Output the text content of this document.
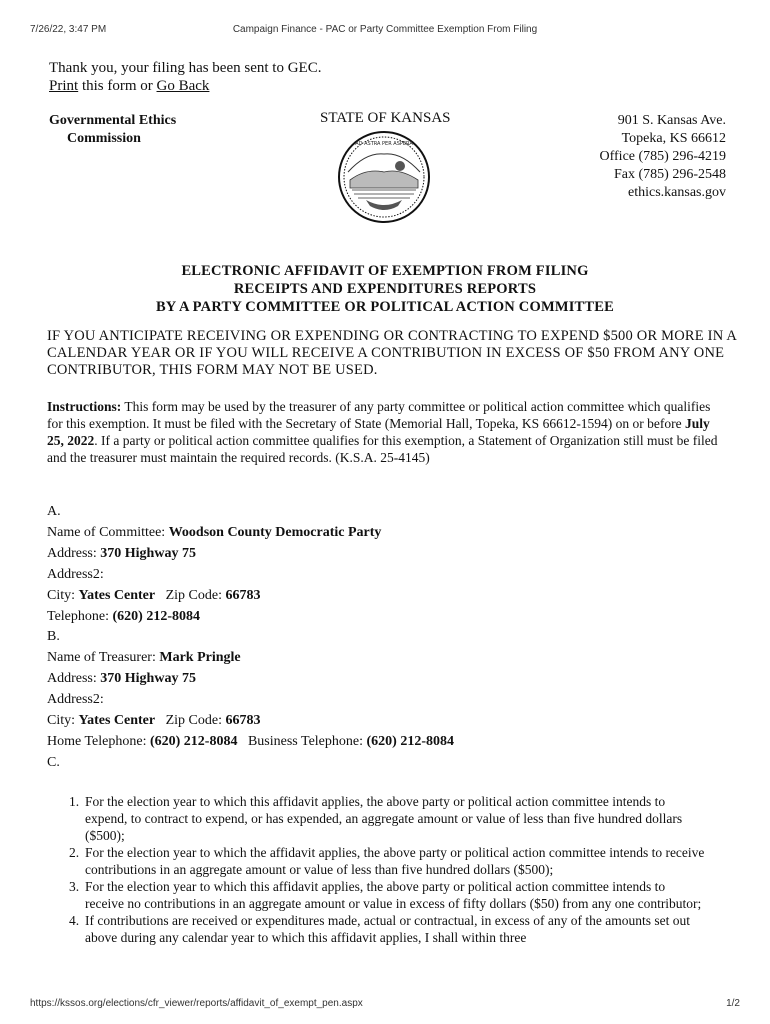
7/26/22, 3:47 PM	Campaign Finance - PAC or Party Committee Exemption From Filing
Thank you, your filing has been sent to GEC.
Print this form or Go Back
Governmental Ethics
Commission
STATE OF KANSAS
AD ASTRA PER ASPERA
901 S. Kansas Ave.
Topeka, KS 66612
Office (785) 296-4219
Fax (785) 296-2548
ethics.kansas.gov
ELECTRONIC AFFIDAVIT OF EXEMPTION FROM FILING
RECEIPTS AND EXPENDITURES REPORTS
BY A PARTY COMMITTEE OR POLITICAL ACTION COMMITTEE
IF YOU ANTICIPATE RECEIVING OR EXPENDING OR CONTRACTING TO EXPEND $500 OR MORE IN A CALENDAR YEAR OR IF YOU WILL RECEIVE A CONTRIBUTION IN EXCESS OF $50 FROM ANY ONE CONTRIBUTOR, THIS FORM MAY NOT BE USED.
Instructions: This form may be used by the treasurer of any party committee or political action committee which qualifies for this exemption. It must be filed with the Secretary of State (Memorial Hall, Topeka, KS 66612-1594) on or before July 25, 2022. If a party or political action committee qualifies for this exemption, a Statement of Organization still must be filed and the treasurer must maintain the required records. (K.S.A. 25-4145)
A.
Name of Committee: Woodson County Democratic Party
Address: 370 Highway 75
Address2:
City: Yates Center Zip Code: 66783
Telephone: (620) 212-8084
B.
Name of Treasurer: Mark Pringle
Address: 370 Highway 75
Address2:
City: Yates Center Zip Code: 66783
Home Telephone: (620) 212-8084 Business Telephone: (620) 212-8084
C.
1. For the election year to which this affidavit applies, the above party or political action committee intends to expend, to contract to expend, or has expended, an aggregate amount or value of less than five hundred dollars ($500);
2. For the election year to which the affidavit applies, the above party or political action committee intends to receive contributions in an aggregate amount or value of less than five hundred dollars ($500);
3. For the election year to which this affidavit applies, the above party or political action committee intends to receive no contributions in an aggregate amount or value in excess of fifty dollars ($50) from any one contributor;
4. If contributions are received or expenditures made, actual or contractual, in excess of any of the amounts set out above during any calendar year to which this affidavit applies, I shall within three
https://kssos.org/elections/cfr_viewer/reports/affidavit_of_exempt_pen.aspx	1/2
